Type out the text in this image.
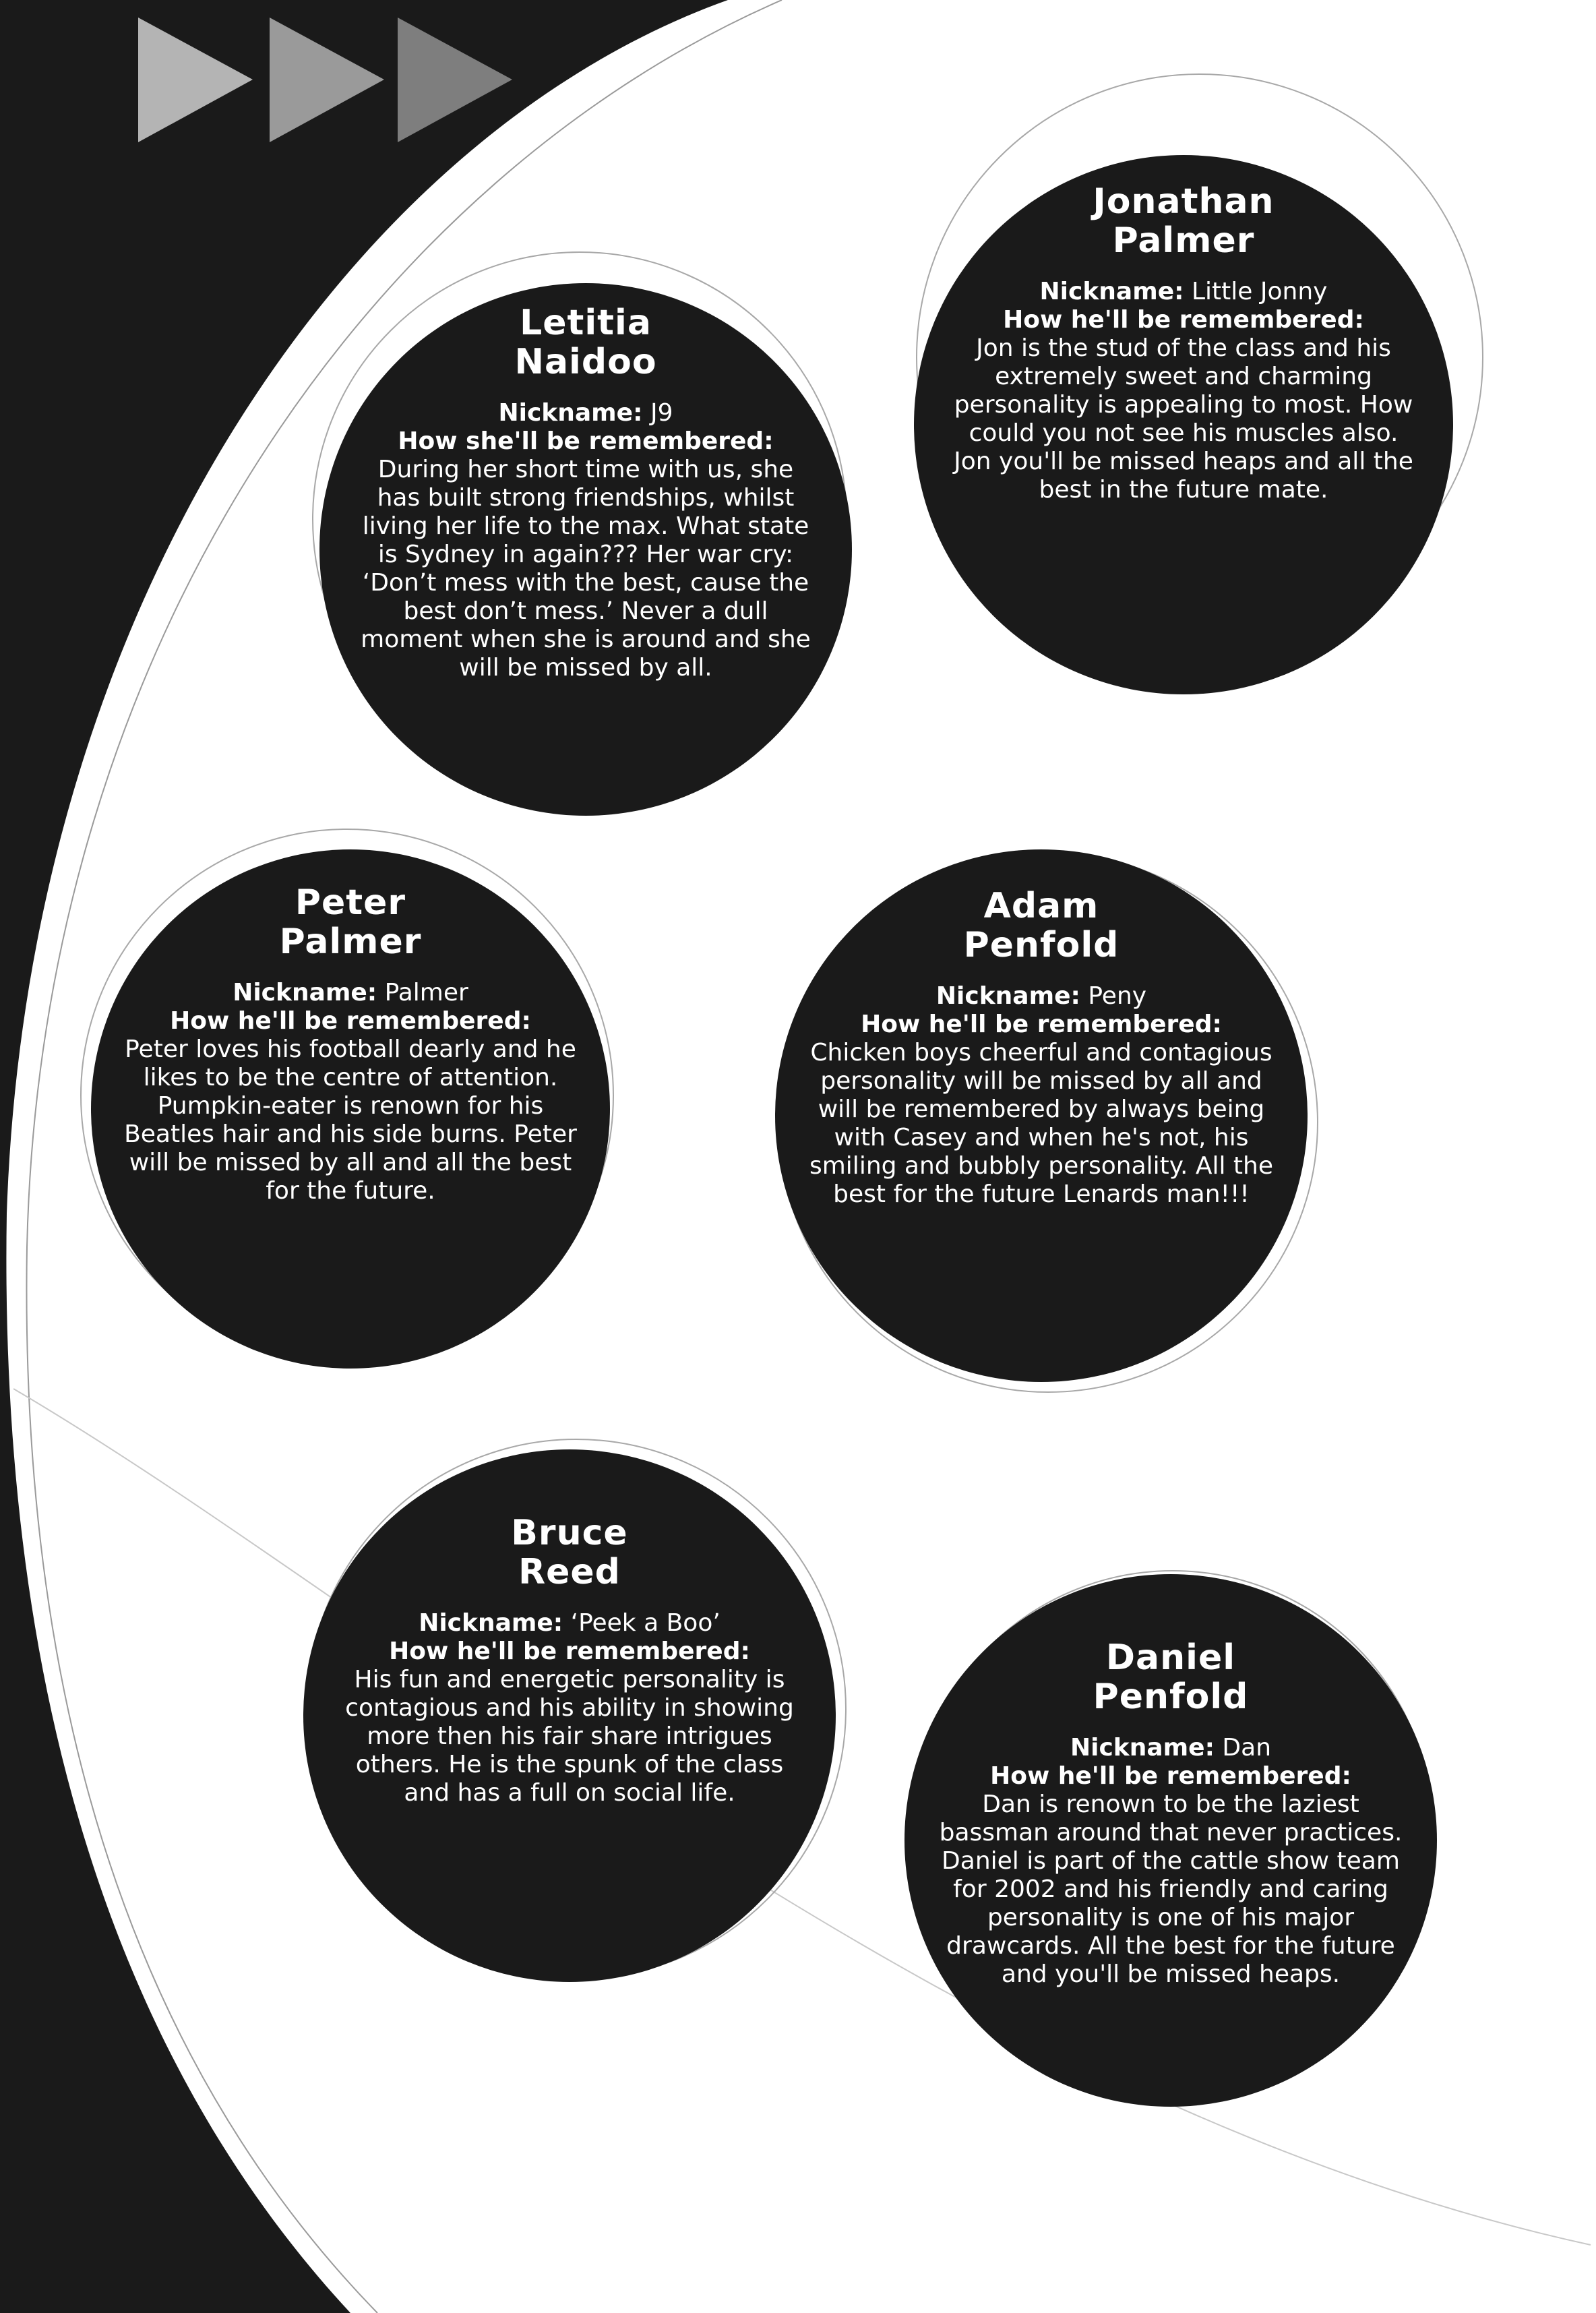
Letitia
Naidoo
Nickname: J9
How she'll be remembered:
During her short time with us, she has built strong friendships, whilst living her life to the max. What state is Sydney in again??? Her war cry: ‘Don’t mess with the best, cause the best don’t mess.’ Never a dull moment when she is around and she will be missed by all.
Jonathan
Palmer
Nickname: Little Jonny
How he'll be remembered:
Jon is the stud of the class and his extremely sweet and charming personality is appealing to most. How could you not see his muscles also. Jon you'll be missed heaps and all the best in the future mate.
Peter
Palmer
Nickname: Palmer
How he'll be remembered:
Peter loves his football dearly and he likes to be the centre of attention. Pumpkin-eater is renown for his Beatles hair and his side burns. Peter will be missed by all and all the best for the future.
Adam
Penfold
Nickname: Peny
How he'll be remembered:
Chicken boys cheerful and contagious personality will be missed by all and will be remembered by always being with Casey and when he's not, his smiling and bubbly personality. All the best for the future Lenards man!!!
Bruce
Reed
Nickname: ‘Peek a Boo’
How he'll be remembered:
His fun and energetic personality is contagious and his ability in showing more then his fair share intrigues others. He is the spunk of the class and has a full on social life.
Daniel
Penfold
Nickname: Dan
How he'll be remembered:
Dan is renown to be the laziest bassman around that never practices. Daniel is part of the cattle show team for 2002 and his friendly and caring personality is one of his major drawcards. All the best for the future and you'll be missed heaps.
